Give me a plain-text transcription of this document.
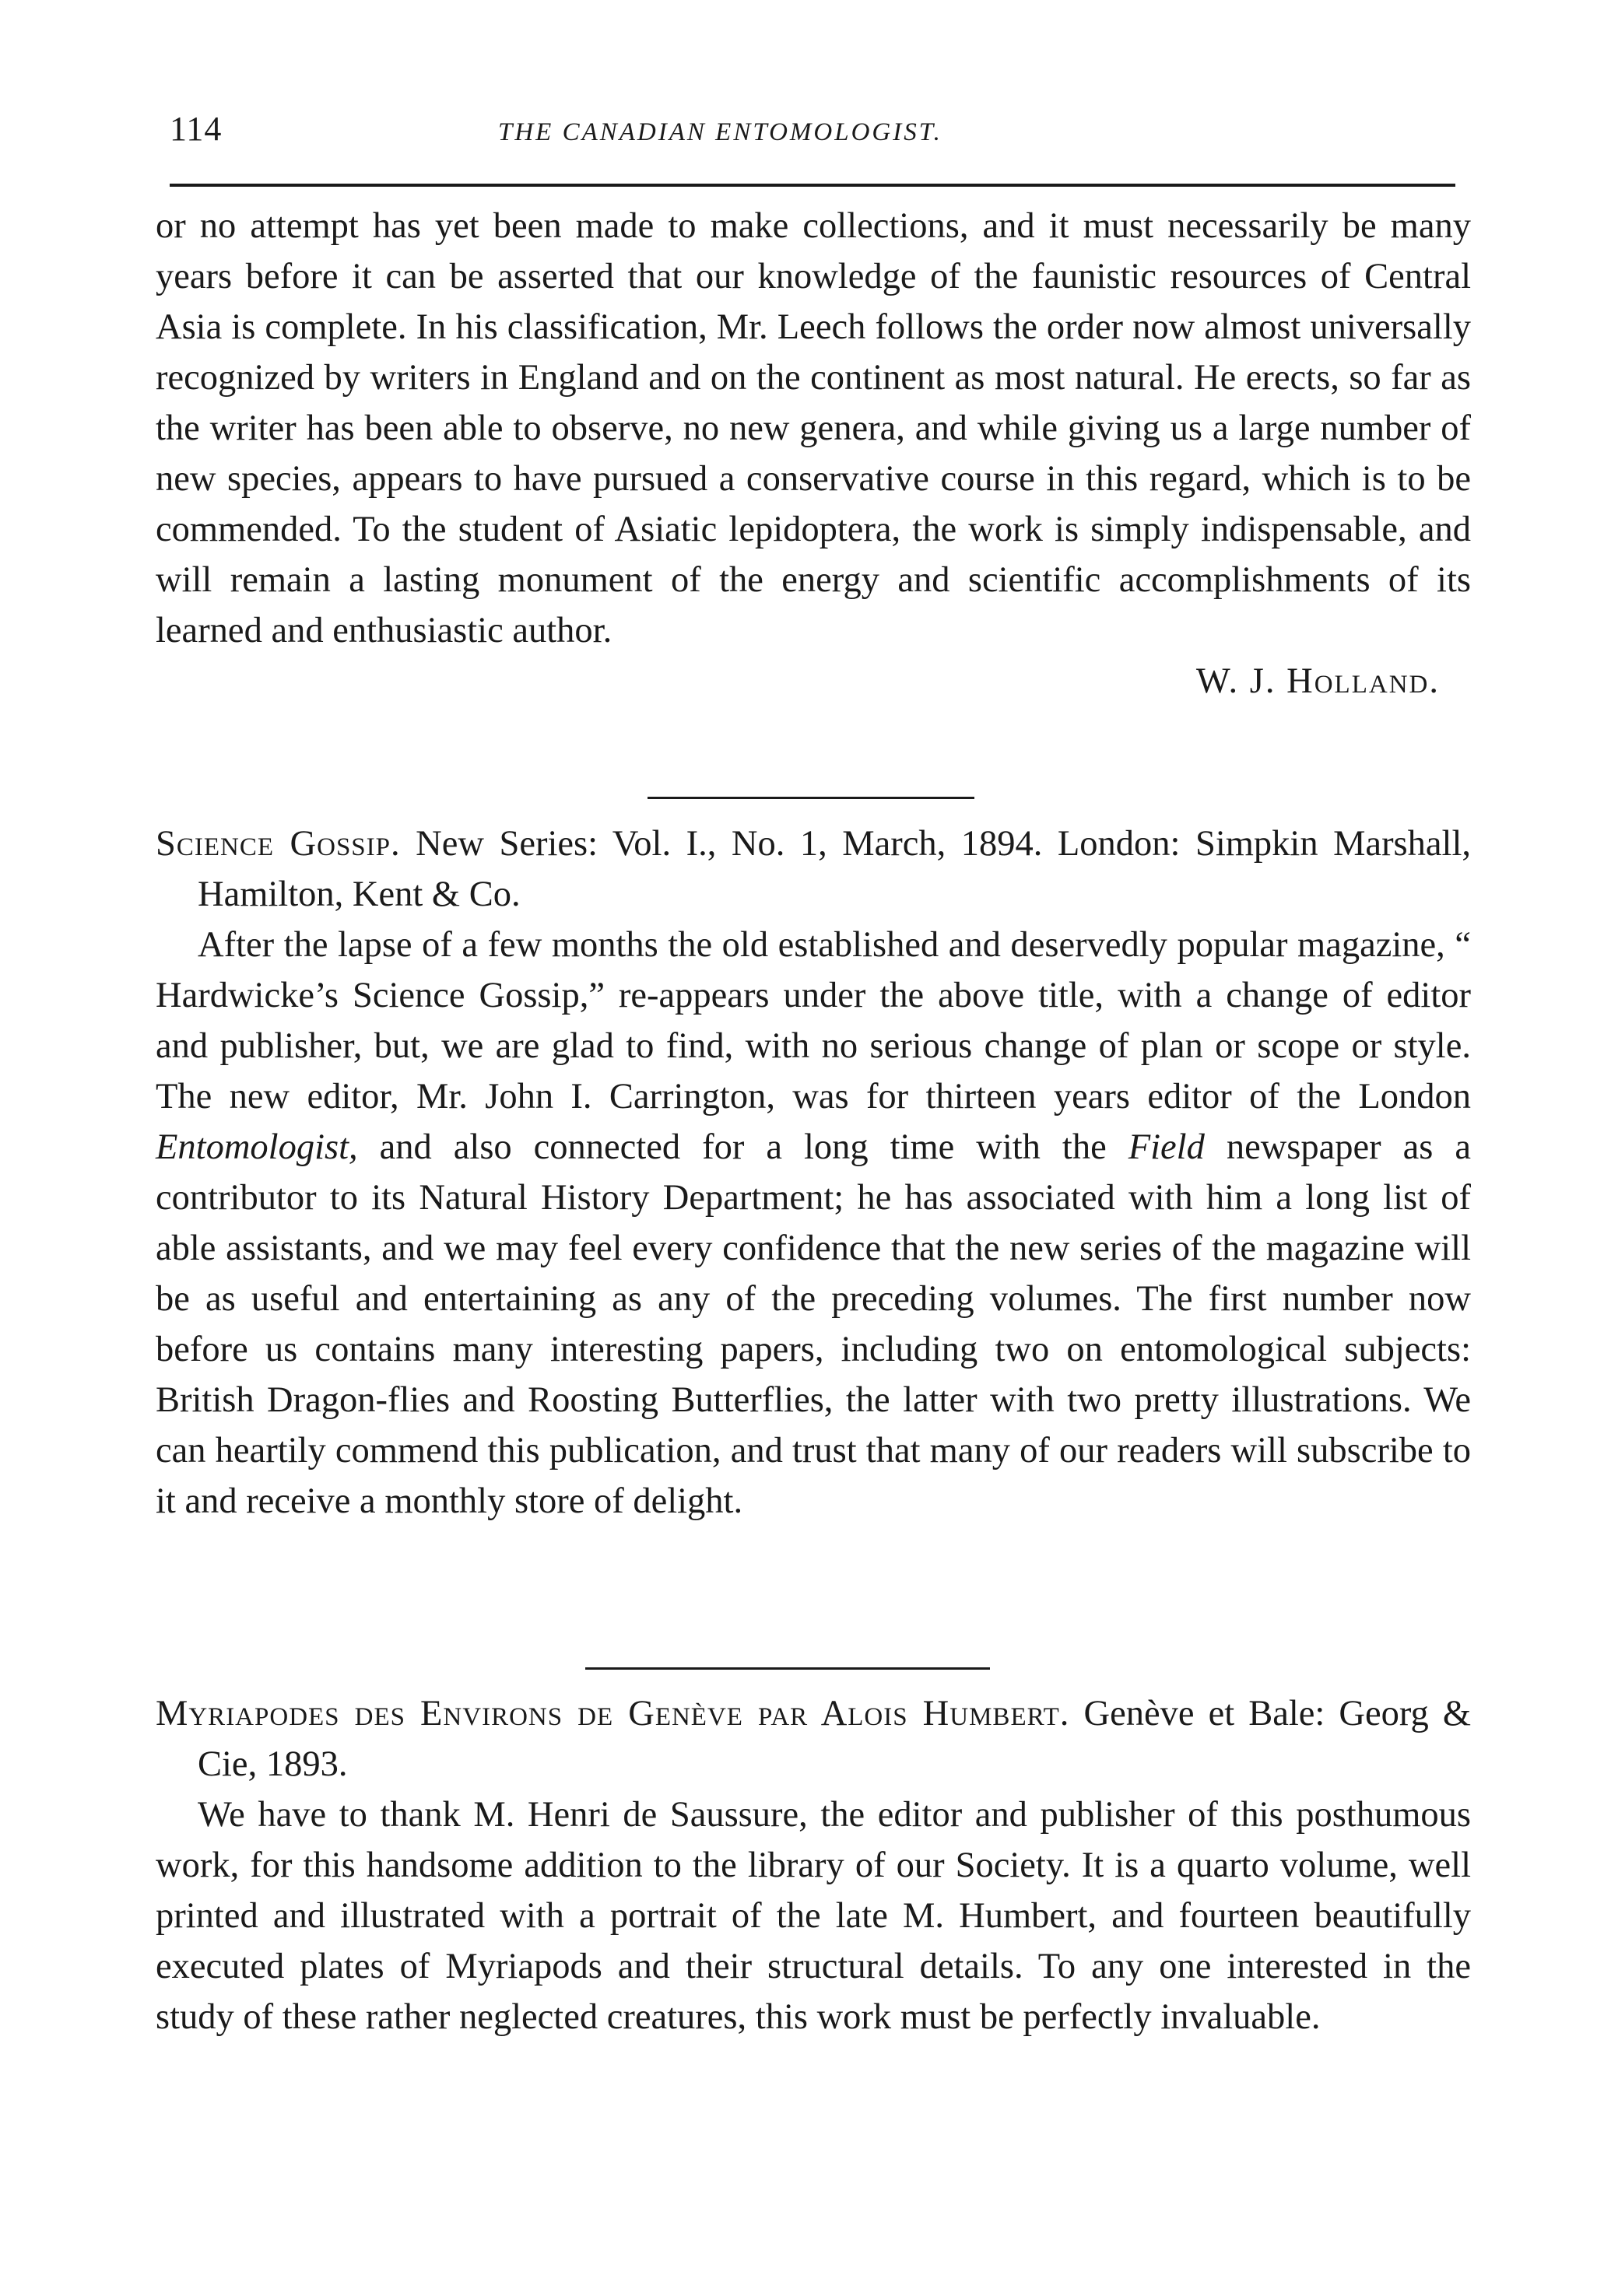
114	THE CANADIAN ENTOMOLOGIST.

or no attempt has yet been made to make collections, and it must necessarily be many years before it can be asserted that our knowledge of the faunistic resources of Central Asia is complete. In his classification, Mr. Leech follows the order now almost universally recognized by writers in England and on the continent as most natural. He erects, so far as the writer has been able to observe, no new genera, and while giving us a large number of new species, appears to have pursued a conservative course in this regard, which is to be commended. To the student of Asiatic lepidoptera, the work is simply indispensable, and will remain a lasting monument of the energy and scientific accomplishments of its learned and enthusiastic author.

W. J. Holland.

Science Gossip. New Series: Vol. I., No. 1, March, 1894. London: Simpkin Marshall, Hamilton, Kent & Co.

After the lapse of a few months the old established and deservedly popular magazine, “ Hardwicke’s Science Gossip,” re-appears under the above title, with a change of editor and publisher, but, we are glad to find, with no serious change of plan or scope or style. The new editor, Mr. John I. Carrington, was for thirteen years editor of the London Entomologist, and also connected for a long time with the Field newspaper as a contributor to its Natural History Department; he has associated with him a long list of able assistants, and we may feel every confidence that the new series of the magazine will be as useful and entertaining as any of the preceding volumes. The first number now before us contains many interesting papers, including two on entomological subjects: British Dragon-flies and Roosting Butterflies, the latter with two pretty illustrations. We can heartily commend this publication, and trust that many of our readers will subscribe to it and receive a monthly store of delight.

Myriapodes des Environs de Genève par Alois Humbert. Genève et Bale: Georg & Cie, 1893.

We have to thank M. Henri de Saussure, the editor and publisher of this posthumous work, for this handsome addition to the library of our Society. It is a quarto volume, well printed and illustrated with a portrait of the late M. Humbert, and fourteen beautifully executed plates of Myriapods and their structural details. To any one interested in the study of these rather neglected creatures, this work must be perfectly invaluable.
